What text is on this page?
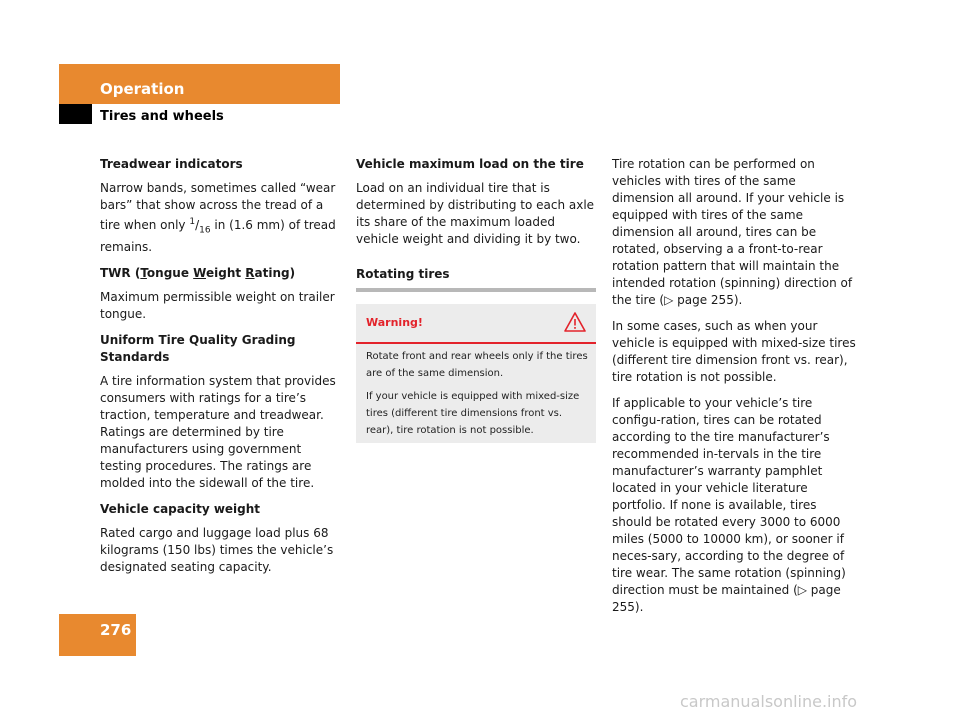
Operation
Tires and wheels
Treadwear indicators

Narrow bands, sometimes called “wear bars” that show across the tread of a tire when only $^1/_{16}$ in (1.6 mm) of tread remains.

TWR (Tongue Weight Rating)

Maximum permissible weight on trailer tongue.

Uniform Tire Quality Grading Standards

A tire information system that provides consumers with ratings for a tire’s traction, temperature and treadwear. Ratings are determined by tire manufacturers using government testing procedures. The ratings are molded into the sidewall of the tire.

Vehicle capacity weight

Rated cargo and luggage load plus 68 kilograms (150 lbs) times the vehicle’s designated seating capacity.

Vehicle maximum load on the tire

Load on an individual tire that is determined by distributing to each axle its share of the maximum loaded vehicle weight and dividing it by two.

Rotating tires
Warning!

Rotate front and rear wheels only if the tires are of the same dimension.

If your vehicle is equipped with mixed-size tires (different tire dimensions front vs. rear), tire rotation is not possible.

Tire rotation can be performed on vehicles with tires of the same dimension all around. If your vehicle is equipped with tires of the same dimension all around, tires can be rotated, observing a a front-to-rear rotation pattern that will maintain the intended rotation (spinning) direction of the tire (▷ page 255).

In some cases, such as when your vehicle is equipped with mixed-size tires (different tire dimension front vs. rear), tire rotation is not possible.

If applicable to your vehicle’s tire configu-ration, tires can be rotated according to the tire manufacturer’s recommended in-tervals in the tire manufacturer’s warranty pamphlet located in your vehicle literature portfolio. If none is available, tires should be rotated every 3000 to 6000 miles (5000 to 10000 km), or sooner if neces-sary, according to the degree of tire wear. The same rotation (spinning) direction must be maintained (▷ page 255).

276
carmanualsonline.info
